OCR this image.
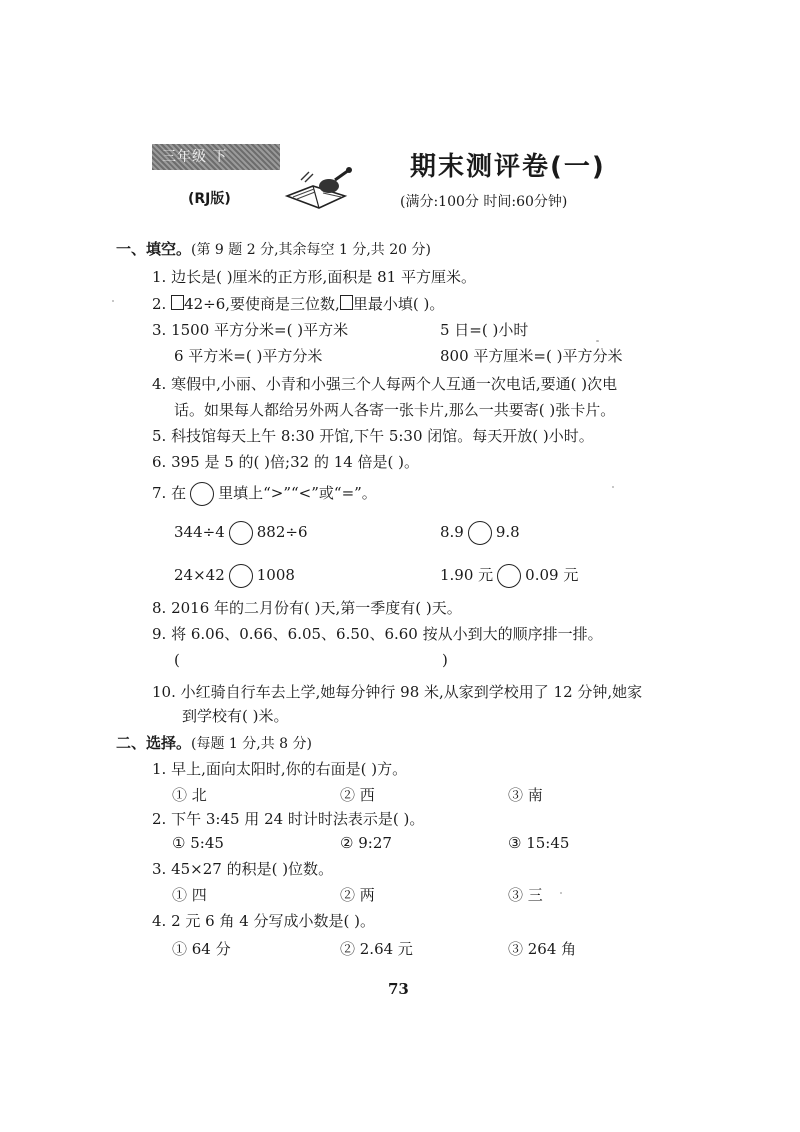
三年级 下
(RJ版)
期末测评卷(一)
(满分:100分 时间:60分钟)
一、填空。(第 9 题 2 分,其余每空 1 分,共 20 分)
1. 边长是( )厘米的正方形,面积是 81 平方厘米。
2. 42÷6,要使商是三位数, 里最小填( )。
3. 1500 平方分米=( )平方米	5 日=( )小时
6 平方米=( )平方分米	800 平方厘米=( )平方分米
4. 寒假中,小丽、小青和小强三个人每两个人互通一次电话,要通( )次电
话。如果每人都给另外两人各寄一张卡片,那么一共要寄( )张卡片。
5. 科技馆每天上午 8:30 开馆,下午 5:30 闭馆。每天开放( )小时。
6. 395 是 5 的( )倍;32 的 14 倍是( )。
7. 在 里填上“>”“<”或“=”。
344÷4 882÷6	8.9 9.8
24×42 1008	1.90 元 0.09 元
8. 2016 年的二月份有( )天,第一季度有( )天。
9. 将 6.06、0.66、6.05、6.50、6.60 按从小到大的顺序排一排。
(	)
10. 小红骑自行车去上学,她每分钟行 98 米,从家到学校用了 12 分钟,她家
到学校有( )米。
二、选择。(每题 1 分,共 8 分)
1. 早上,面向太阳时,你的右面是( )方。
① 北	② 西	③ 南
2. 下午 3:45 用 24 时计时法表示是( )。
① 5:45	② 9:27	③ 15:45
3. 45×27 的积是( )位数。
① 四	② 两	③ 三
4. 2 元 6 角 4 分写成小数是( )。
① 64 分	② 2.64 元	③ 264 角
73
